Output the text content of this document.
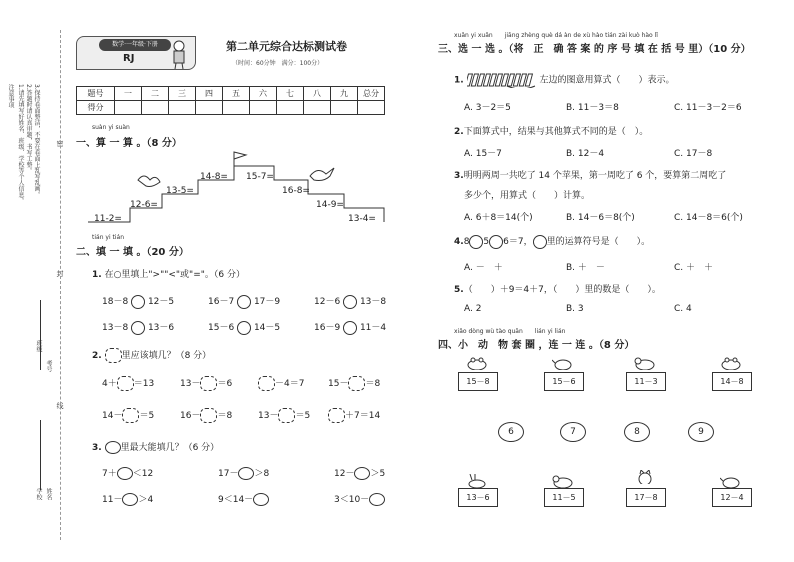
注意事项 1.请先填写好姓名、班级、学校等个人信息。 2.答题时请认真审题，书写工整。 3.保持卷面整洁，不要在卷面上乱写乱画。 密
封
线
班级
考号
学校 姓名
数学·一年级·下册
RJ
第二单元综合达标测试卷
（时间：60分钟　满分：100分）
题号	一	二	三	四	五	六	七	八	九	总分
得分										
suàn yi suàn
一、算 一 算 。（8 分）
11-2=
12-6=
13-5=
14-8= 15-7=
16-8=
14-9=
13-4=
tián yi tián
二、填 一 填 。（20 分）
1. 在○里填上">""<"或"="。（6 分）
18－8 12－5	16－7 17－9	12－6 13－8
13－8 13－6	15－6 14－5	16－9 11－4
2. 里应该填几？（8 分）
4＋ ＝13	13－ ＝6	－4＝7	15－ ＝8
14－ ＝5	16－ ＝8	13－ ＝5	＋7＝14
3. 里最大能填几？（6 分）
7＋ ＜12	17－ ＞8	12－ ＞5
11－ ＞4	9＜14－	3＜10－
xuǎn yi xuǎn　　jiāng zhèng què dá àn de xù hào tián zài kuò hào lǐ
三、选 一 选 。（将　正　确 答 案 的 序 号 填 在 括 号 里）（10 分）
1.	左边的图意用算式（　　）表示。
A. 3－2＝5	B. 11－3＝8	C. 11－3－2＝6
2.下面算式中，结果与其他算式不同的是（　）。
A. 15－7	B. 12－4	C. 17－8
3.明明两周一共吃了 14 个苹果，第一周吃了 6 个，要算第二周吃了
多少个，用算式（　　）计算。
A. 6＋8＝14(个)	B. 14－6＝8(个)	C. 14－8＝6(个)
4.8 5 6＝7， 里的运算符号是（　　）。
A. －　＋	B. ＋　－	C. ＋　＋
5.（　　）＋9＝4＋7，（　　）里的数是（　　）。
A. 2	B. 3	C. 4
xiǎo dòng wù tào quān　　lián yi lián
四、小　动　物 套 圈 ，连 一 连 。（8 分）
15－8	15－6	11－3	14－8
6	7	8	9
13－6	11－5	17－8	12－4
